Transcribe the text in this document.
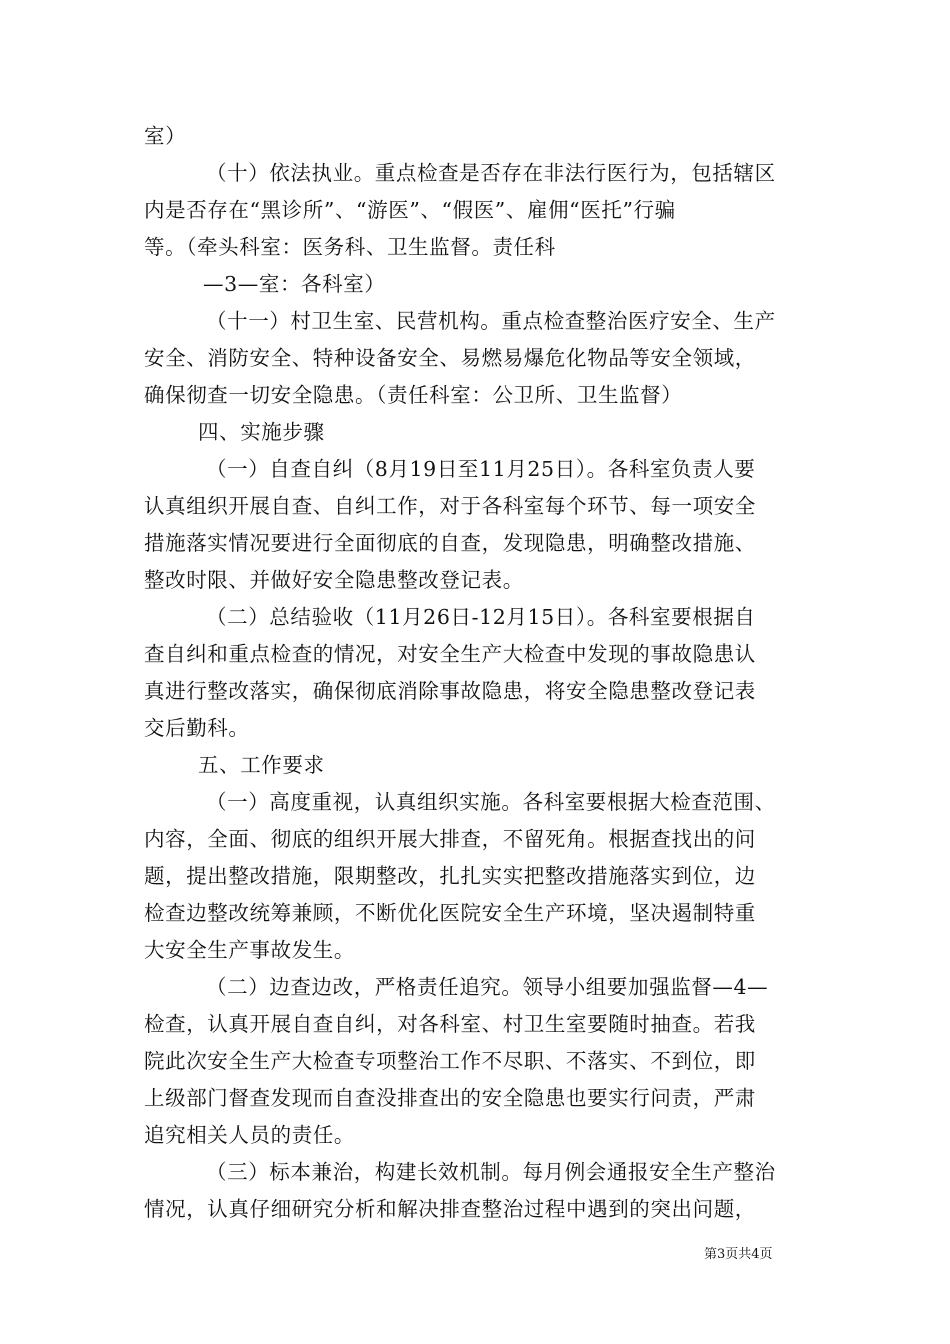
室）
（十）依法执业。重点检查是否存在非法行医行为，包括辖区
内是否存在“黑诊所”、“游医”、“假医”、雇佣“医托”行骗
等。（牵头科室：医务科、卫生监督。责任科
—3—室：各科室）
（十一）村卫生室、民营机构。重点检查整治医疗安全、生产
安全、消防安全、特种设备安全、易燃易爆危化物品等安全领域，
确保彻查一切安全隐患。（责任科室：公卫所、卫生监督）
四、实施步骤
（一）自查自纠（8月19日至11月25日）。各科室负责人要
认真组织开展自查、自纠工作，对于各科室每个环节、每一项安全
措施落实情况要进行全面彻底的自查，发现隐患，明确整改措施、
整改时限、并做好安全隐患整改登记表。
（二）总结验收（11月26日-12月15日）。各科室要根据自
查自纠和重点检查的情况，对安全生产大检查中发现的事故隐患认
真进行整改落实，确保彻底消除事故隐患，将安全隐患整改登记表
交后勤科。
五、工作要求
（一）高度重视，认真组织实施。各科室要根据大检查范围、
内容，全面、彻底的组织开展大排查，不留死角。根据查找出的问
题，提出整改措施，限期整改，扎扎实实把整改措施落实到位，边
检查边整改统筹兼顾，不断优化医院安全生产环境，坚决遏制特重
大安全生产事故发生。
（二）边查边改，严格责任追究。领导小组要加强监督—4—
检查，认真开展自查自纠，对各科室、村卫生室要随时抽查。若我
院此次安全生产大检查专项整治工作不尽职、不落实、不到位，即
上级部门督查发现而自查没排查出的安全隐患也要实行问责，严肃
追究相关人员的责任。
（三）标本兼治，构建长效机制。每月例会通报安全生产整治
情况，认真仔细研究分析和解决排查整治过程中遇到的突出问题，
第3页共4页
